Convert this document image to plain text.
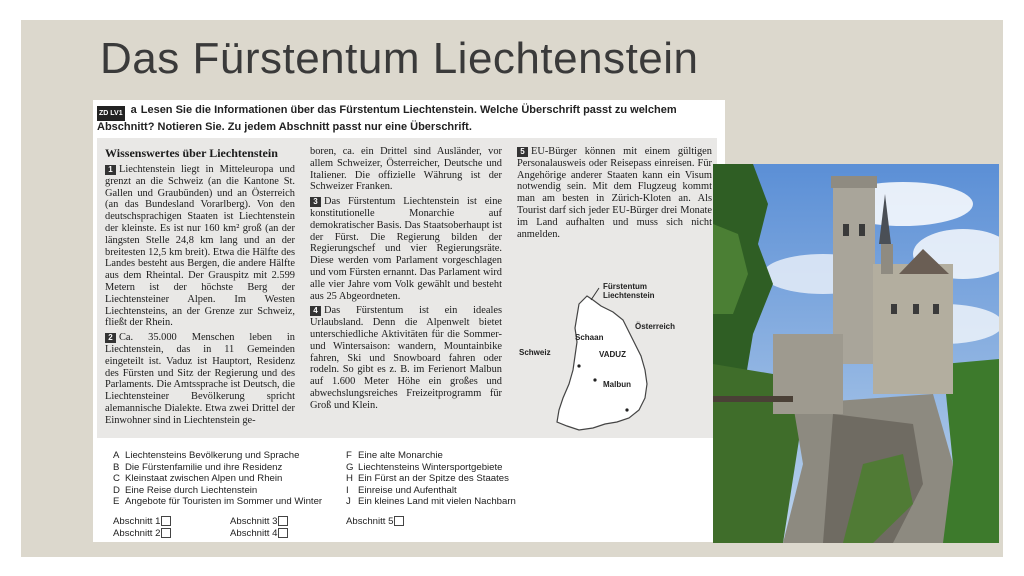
Das Fürstentum Liechtenstein
ZD LV1 a Lesen Sie die Informationen über das Fürstentum Liechtenstein. Welche Überschrift passt zu welchem Abschnitt? Notieren Sie. Zu jedem Abschnitt passt nur eine Überschrift.
Wissenswertes über Liechtenstein

1 Liechtenstein liegt in Mitteleuropa und grenzt an die Schweiz (an die Kantone St. Gallen und Graubünden) und an Österreich (an das Bundesland Vorarlberg). Von den deutschsprachigen Staaten ist Liechtenstein der kleinste. Es ist nur 160 km² groß (an der längsten Stelle 24,8 km lang und an der breitesten 12,5 km breit). Etwa die Hälfte des Landes besteht aus Bergen, die andere Hälfte aus dem Rheintal. Der Grauspitz mit 2.599 Metern ist der höchste Berg der Liechtensteiner Alpen. Im Westen Liechtensteins, an der Grenze zur Schweiz, fließt der Rhein.

2 Ca. 35.000 Menschen leben in Liechtenstein, das in 11 Gemeinden eingeteilt ist. Vaduz ist Hauptort, Residenz des Fürsten und Sitz der Regierung und des Parlaments. Die Amtssprache ist Deutsch, die Liechtensteiner Bevölkerung spricht alemannische Dialekte. Etwa zwei Drittel der Einwohner sind in Liechtenstein ge-

boren, ca. ein Drittel sind Ausländer, vor allem Schweizer, Österreicher, Deutsche und Italiener. Die offizielle Währung ist der Schweizer Franken.

3 Das Fürstentum Liechtenstein ist eine konstitutionelle Monarchie auf demokratischer Basis. Das Staatsoberhaupt ist der Fürst. Die Regierung bilden der Regierungschef und vier Regierungsräte. Diese werden vom Parlament vorgeschlagen und vom Fürsten ernannt. Das Parlament wird alle vier Jahre vom Volk gewählt und besteht aus 25 Abgeordneten.

4 Das Fürstentum ist ein ideales Urlaubsland. Denn die Alpenwelt bietet unterschiedliche Aktivitäten für die Sommer- und Wintersaison: wandern, Mountainbike fahren, Ski und Snowboard fahren oder rodeln. So gibt es z. B. im Ferienort Malbun auf 1.600 Meter Höhe ein großes und abwechslungsreiches Freizeitprogramm für Groß und Klein.

5 EU-Bürger können mit einem gültigen Personalausweis oder Reisepass einreisen. Für Angehörige anderer Staaten kann ein Visum notwendig sein. Mit dem Flugzeug kommt man am besten in Zürich-Kloten an. Als Tourist darf sich jeder EU-Bürger drei Monate im Land aufhalten und muss sich nicht anmelden.

Fürstentum
Liechtenstein
Österreich
Schweiz
Schaan
VADUZ
Malbun
A Liechtensteins Bevölkerung und Sprache
B Die Fürstenfamilie und ihre Residenz
C Kleinstaat zwischen Alpen und Rhein
D Eine Reise durch Liechtenstein
E Angebote für Touristen im Sommer und Winter
F Eine alte Monarchie
G Liechtensteins Wintersportgebiete
H Ein Fürst an der Spitze des Staates
I Einreise und Aufenthalt
J Ein kleines Land mit vielen Nachbarn
Abschnitt 1
Abschnitt 2
Abschnitt 3
Abschnitt 4
Abschnitt 5
